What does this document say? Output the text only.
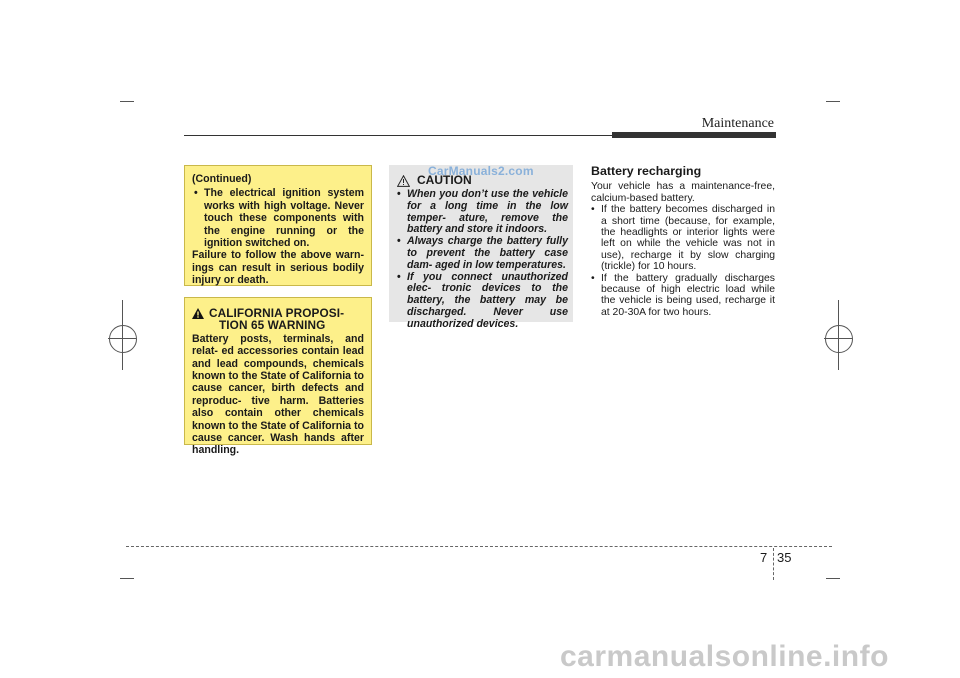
Maintenance

(Continued)

• The electrical ignition system works with high voltage. Never touch these components with the engine running or the ignition switched on.

Failure to follow the above warn- ings can result in serious bodily injury or death.

CALIFORNIA PROPOSI-
TION 65 WARNING

Battery posts, terminals, and relat- ed accessories contain lead and lead compounds, chemicals known to the State of California to cause cancer, birth defects and reproduc- tive harm. Batteries also contain other chemicals known to the State of California to cause cancer. Wash hands after handling.

CAUTION

• When you don’t use the vehicle for a long time in the low temper- ature, remove the battery and store it indoors.

• Always charge the battery fully to prevent the battery case dam- aged in low temperatures.

• If you connect unauthorized elec- tronic devices to the battery, the battery may be discharged. Never use unauthorized devices.

CarManuals2.com	Battery recharging

Your vehicle has a maintenance-free, calcium-based battery.

• If the battery becomes discharged in a short time (because, for example, the headlights or interior lights were left on while the vehicle was not in use), recharge it by slow charging (trickle) for 10 hours.

• If the battery gradually discharges because of high electric load while the vehicle is being used, recharge it at 20-30A for two hours.

7 35
carmanualsonline.info
